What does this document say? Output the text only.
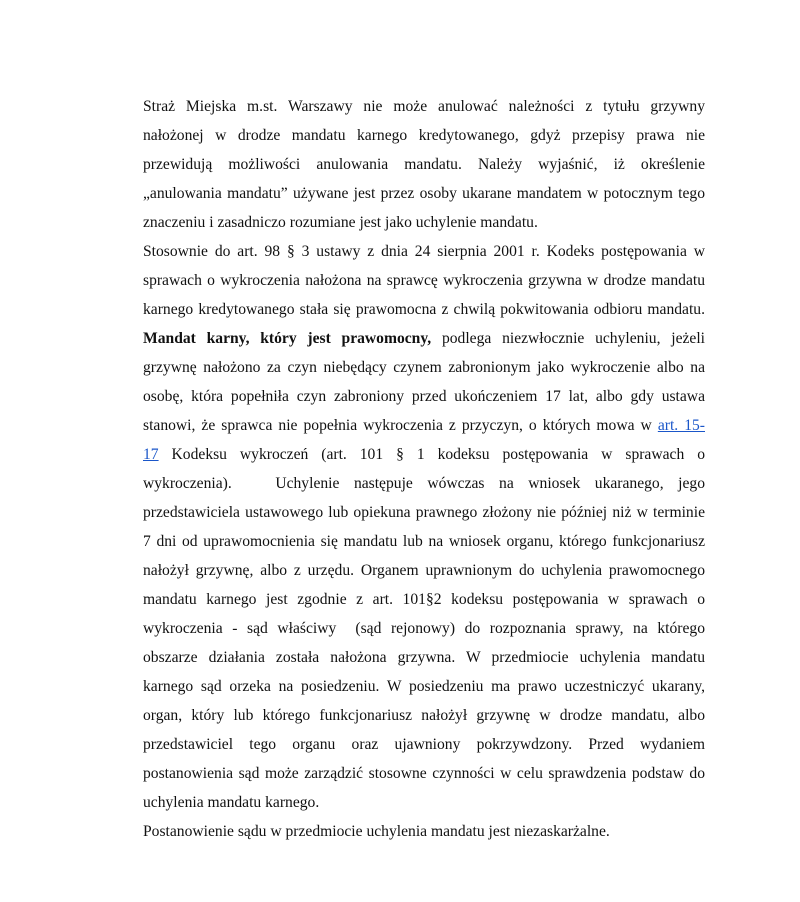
Straż Miejska m.st. Warszawy nie może anulować należności z tytułu grzywny
nałożonej w drodze mandatu karnego kredytowanego, gdyż przepisy prawa nie
przewidują możliwości anulowania mandatu. Należy wyjaśnić, iż określenie
„anulowania mandatu” używane jest przez osoby ukarane mandatem w potocznym tego
znaczeniu i zasadniczo rozumiane jest jako uchylenie mandatu.
Stosownie do art. 98 § 3 ustawy z dnia 24 sierpnia 2001 r. Kodeks postępowania w
sprawach o wykroczenia nałożona na sprawcę wykroczenia grzywna w drodze mandatu
karnego kredytowanego stała się prawomocna z chwilą pokwitowania odbioru mandatu.
Mandat karny, który jest prawomocny, podlega niezwłocznie uchyleniu, jeżeli
grzywnę nałożono za czyn niebędący czynem zabronionym jako wykroczenie albo na
osobę, która popełniła czyn zabroniony przed ukończeniem 17 lat, albo gdy ustawa
stanowi, że sprawca nie popełnia wykroczenia z przyczyn, o których mowa w art. 15-
17 Kodeksu wykroczeń (art. 101 § 1 kodeksu postępowania w sprawach o
wykroczenia).   Uchylenie następuje wówczas na wniosek ukaranego, jego
przedstawiciela ustawowego lub opiekuna prawnego złożony nie później niż w terminie
7 dni od uprawomocnienia się mandatu lub na wniosek organu, którego funkcjonariusz
nałożył grzywnę, albo z urzędu. Organem uprawnionym do uchylenia prawomocnego
mandatu karnego jest zgodnie z art. 101§2 kodeksu postępowania w sprawach o
wykroczenia - sąd właściwy  (sąd rejonowy) do rozpoznania sprawy, na którego
obszarze działania została nałożona grzywna. W przedmiocie uchylenia mandatu
karnego sąd orzeka na posiedzeniu. W posiedzeniu ma prawo uczestniczyć ukarany,
organ, który lub którego funkcjonariusz nałożył grzywnę w drodze mandatu, albo
przedstawiciel tego organu oraz ujawniony pokrzywdzony. Przed wydaniem
postanowienia sąd może zarządzić stosowne czynności w celu sprawdzenia podstaw do
uchylenia mandatu karnego.
Postanowienie sądu w przedmiocie uchylenia mandatu jest niezaskarżalne.
